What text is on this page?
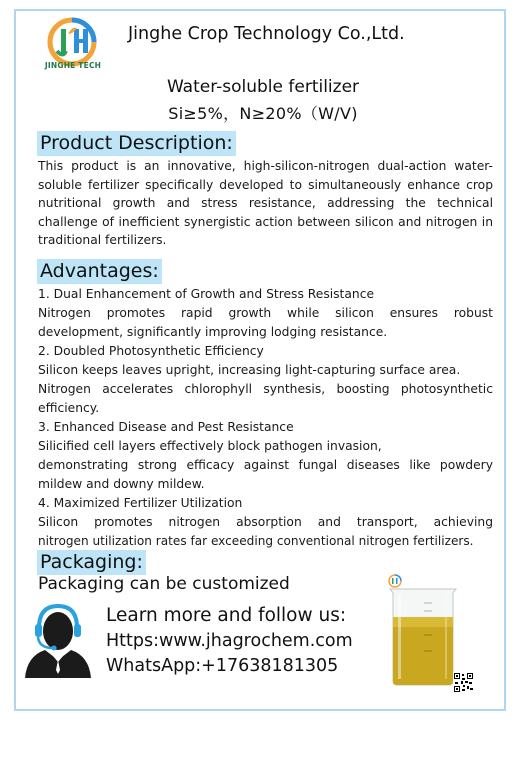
JINGHE TECH
Jinghe Crop Technology Co.,Ltd.
Water-soluble fertilizer
Si≥5%，N≥20%（W/V)
Product Description:
This product is an innovative, high-silicon-nitrogen dual-action water-soluble fertilizer specifically developed to simultaneously enhance crop nutritional growth and stress resistance, addressing the technical challenge of inefficient synergistic action between silicon and nitrogen in traditional fertilizers.
Advantages:
1. Dual Enhancement of Growth and Stress Resistance
Nitrogen promotes rapid growth while silicon ensures robust
development, significantly improving lodging resistance.
2. Doubled Photosynthetic Efficiency
Silicon keeps leaves upright, increasing light-capturing surface area.
Nitrogen accelerates chlorophyll synthesis, boosting photosynthetic
efficiency.
3. Enhanced Disease and Pest Resistance
Silicified cell layers effectively block pathogen invasion,
demonstrating strong efficacy against fungal diseases like powdery
mildew and downy mildew.
4. Maximized Fertilizer Utilization
Silicon promotes nitrogen absorption and transport, achieving
nitrogen utilization rates far exceeding conventional nitrogen fertilizers.
Packaging:
Packaging can be customized
Learn more and follow us:
Https:www.jhagrochem.com
WhatsApp:+17638181305
